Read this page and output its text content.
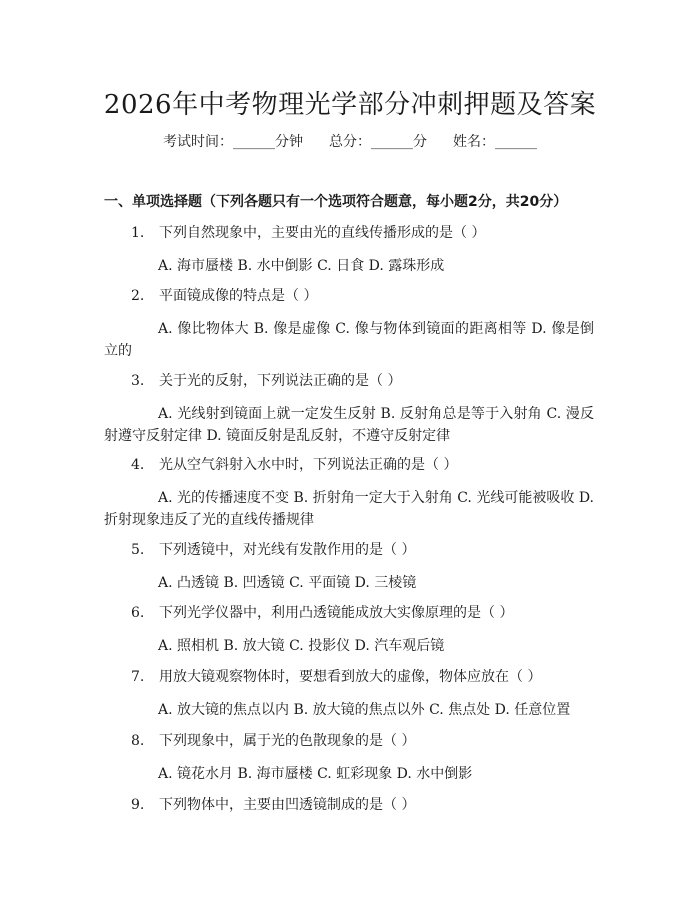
2026年中考物理光学部分冲刺押题及答案
考试时间：______分钟 总分：______分 姓名：______
一、单项选择题（下列各题只有一个选项符合题意，每小题2分，共20分）
1. 下列自然现象中，主要由光的直线传播形成的是（ ）
A. 海市蜃楼 B. 水中倒影 C. 日食 D. 露珠形成
2. 平面镜成像的特点是（ ）
A. 像比物体大 B. 像是虚像 C. 像与物体到镜面的距离相等 D. 像是倒立的
3. 关于光的反射，下列说法正确的是（ ）
A. 光线射到镜面上就一定发生反射 B. 反射角总是等于入射角 C. 漫反射遵守反射定律 D. 镜面反射是乱反射，不遵守反射定律
4. 光从空气斜射入水中时，下列说法正确的是（ ）
A. 光的传播速度不变 B. 折射角一定大于入射角 C. 光线可能被吸收 D. 折射现象违反了光的直线传播规律
5. 下列透镜中，对光线有发散作用的是（ ）
A. 凸透镜 B. 凹透镜 C. 平面镜 D. 三棱镜
6. 下列光学仪器中，利用凸透镜能成放大实像原理的是（ ）
A. 照相机 B. 放大镜 C. 投影仪 D. 汽车观后镜
7. 用放大镜观察物体时，要想看到放大的虚像，物体应放在（ ）
A. 放大镜的焦点以内 B. 放大镜的焦点以外 C. 焦点处 D. 任意位置
8. 下列现象中，属于光的色散现象的是（ ）
A. 镜花水月 B. 海市蜃楼 C. 虹彩现象 D. 水中倒影
9. 下列物体中，主要由凹透镜制成的是（ ）
